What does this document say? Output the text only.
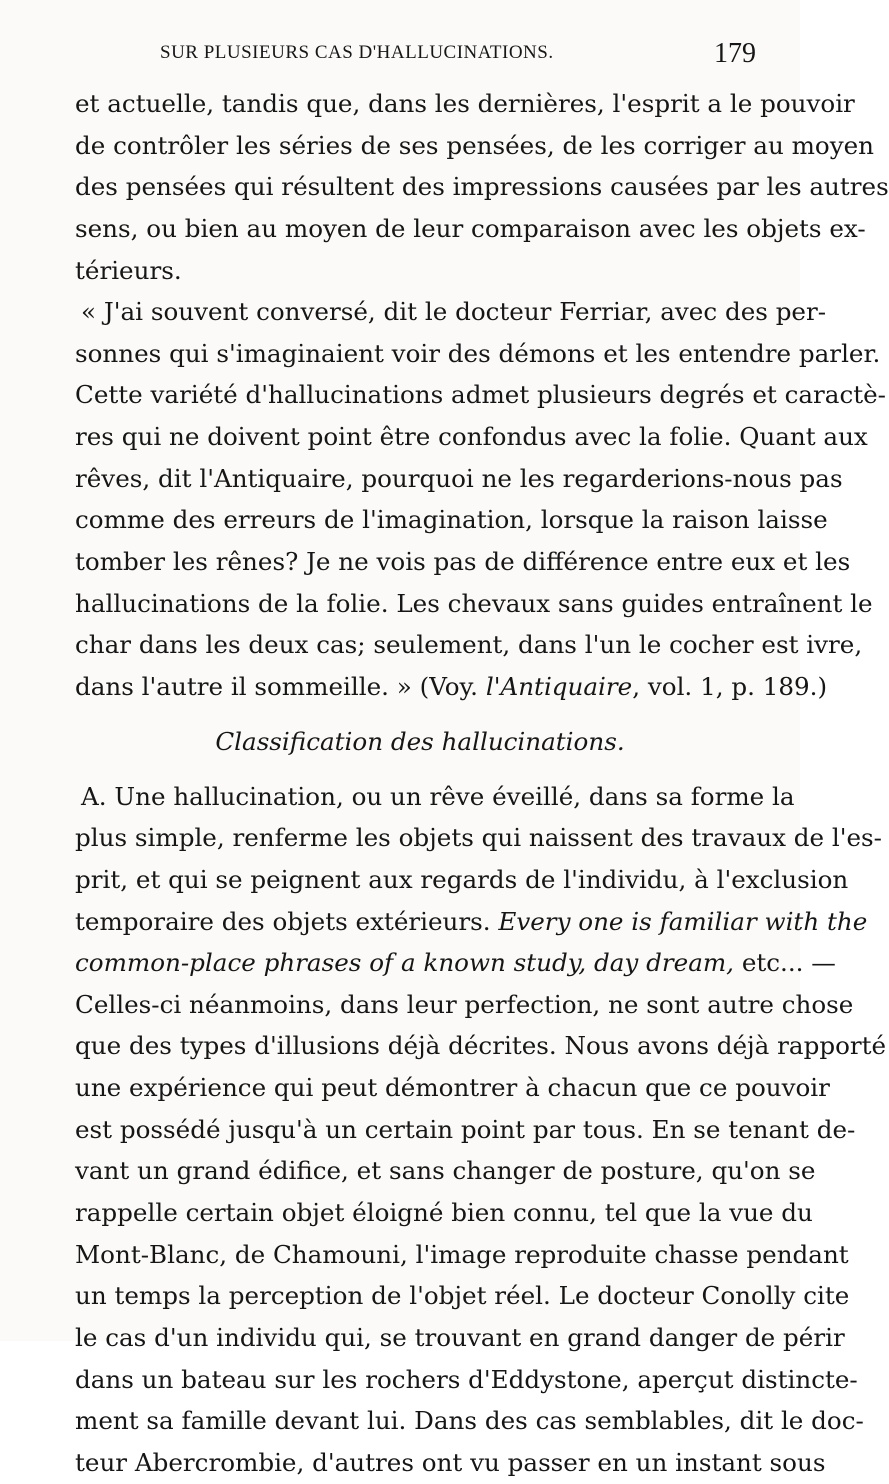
SUR PLUSIEURS CAS D'HALLUCINATIONS.	179
et actuelle, tandis que, dans les dernières, l'esprit a le pouvoir
de contrôler les séries de ses pensées, de les corriger au moyen
des pensées qui résultent des impressions causées par les autres
sens, ou bien au moyen de leur comparaison avec les objets ex-
térieurs.
« J'ai souvent conversé, dit le docteur Ferriar, avec des per-
sonnes qui s'imaginaient voir des démons et les entendre parler.
Cette variété d'hallucinations admet plusieurs degrés et caractè-
res qui ne doivent point être confondus avec la folie. Quant aux
rêves, dit l'Antiquaire, pourquoi ne les regarderions-nous pas
comme des erreurs de l'imagination, lorsque la raison laisse
tomber les rênes? Je ne vois pas de différence entre eux et les
hallucinations de la folie. Les chevaux sans guides entraînent le
char dans les deux cas; seulement, dans l'un le cocher est ivre,
dans l'autre il sommeille. » (Voy. l'Antiquaire, vol. 1, p. 189.)
Classification des hallucinations.
A. Une hallucination, ou un rêve éveillé, dans sa forme la
plus simple, renferme les objets qui naissent des travaux de l'es-
prit, et qui se peignent aux regards de l'individu, à l'exclusion
temporaire des objets extérieurs. Every one is familiar with the
common-place phrases of a known study, day dream, etc... —
Celles-ci néanmoins, dans leur perfection, ne sont autre chose
que des types d'illusions déjà décrites. Nous avons déjà rapporté
une expérience qui peut démontrer à chacun que ce pouvoir
est possédé jusqu'à un certain point par tous. En se tenant de-
vant un grand édifice, et sans changer de posture, qu'on se
rappelle certain objet éloigné bien connu, tel que la vue du
Mont-Blanc, de Chamouni, l'image reproduite chasse pendant
un temps la perception de l'objet réel. Le docteur Conolly cite
le cas d'un individu qui, se trouvant en grand danger de périr
dans un bateau sur les rochers d'Eddystone, aperçut distincte-
ment sa famille devant lui. Dans des cas semblables, dit le doc-
teur Abercrombie, d'autres ont vu passer en un instant sous
